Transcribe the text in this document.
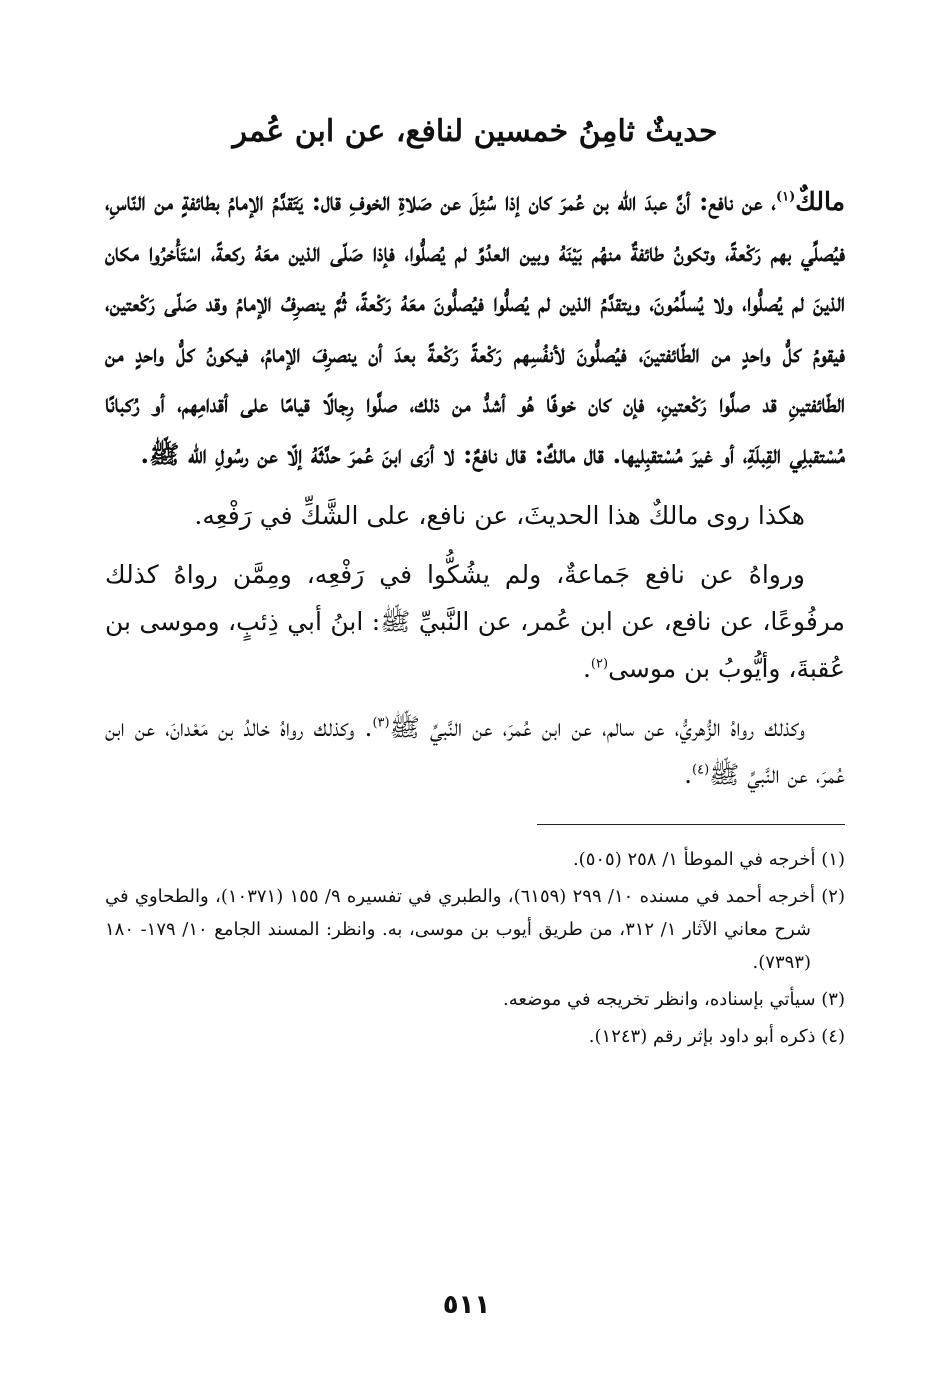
حديثٌ ثامِنُ خمسين لنافع، عن ابن عُمر

مالكٌ$^{(١)}$، عن نافع: أنَّ عبدَ الله بن عُمرَ كان إذا سُئِلَ عن صَلاةِ الخوفِ قال: يَتَقدَّمُ الإمامُ بطائفةٍ من النّاسِ، فيُصلِّي بهم رَكْعةً، وتكونُ طائفةٌ منهُم بَيْنَهُ وبين العدُوِّ لم يُصلُّوا، فإذا صَلّى الذين معَهُ ركعةً، اسْتَأْخرُوا مكان الذينَ لم يُصلُّوا، ولا يُسلِّمُونَ، ويتقدَّمُ الذين لم يُصلُّوا فيُصلُّونَ معَهُ رَكْعةً، ثُمَّ ينصرِفُ الإمامُ وقد صَلّى رَكْعتين، فيقومُ كلُّ واحدٍ من الطّائفتينَ، فيُصلُّونَ لأنفُسِهم رَكْعةً رَكْعةً بعدَ أن ينصرِفَ الإمامُ، فيكونُ كلُّ واحدٍ من الطّائفتينِ قد صلَّوا رَكْعتينِ، فإن كان خوفًا هُو أشدُّ من ذلك، صلَّوا رِجالًا قيامًا على أقدامِهم، أو رُكبانًا مُسْتقبلِي القِبلَةِ، أو غيرَ مُسْتقبِليها. قال مالكٌ: قال نافعٌ: لا أرَى ابنَ عُمرَ حدَّثَهُ إلّا عن رسُولِ الله ﷺ.

هكذا روى مالكٌ هذا الحديثَ، عن نافع، على الشَّكِّ في رَفْعِه.

ورواهُ عن نافع جَماعةٌ، ولم يشُكُّوا في رَفْعِه، ومِمَّن رواهُ كذلك مرفُوعًا، عن نافع، عن ابن عُمر، عن النَّبيِّ ﷺ: ابنُ أبي ذِئبٍ، وموسى بن عُقبةَ، وأيُّوبُ بن موسى$^{(٢)}$.

وكذلك رواهُ الزُّهريُّ، عن سالم، عن ابن عُمرَ، عن النَّبيِّ ﷺ$^{(٣)}$. وكذلك رواهُ خالدُ بن مَعْدانَ، عن ابن عُمرَ، عن النَّبيِّ ﷺ$^{(٤)}$.

(١) أخرجه في الموطأ ١/ ٢٥٨ (٥٠٥).

(٢) أخرجه أحمد في مسنده ١٠/ ٢٩٩ (٦١٥٩)، والطبري في تفسيره ٩/ ١٥٥ (١٠٣٧١)، والطحاوي في شرح معاني الآثار ١/ ٣١٢، من طريق أيوب بن موسى، به. وانظر: المسند الجامع ١٠/ ١٧٩- ١٨٠ (٧٣٩٣).

(٣) سيأتي بإسناده، وانظر تخريجه في موضعه.

(٤) ذكره أبو داود بإثر رقم (١٢٤٣).

٥١١
